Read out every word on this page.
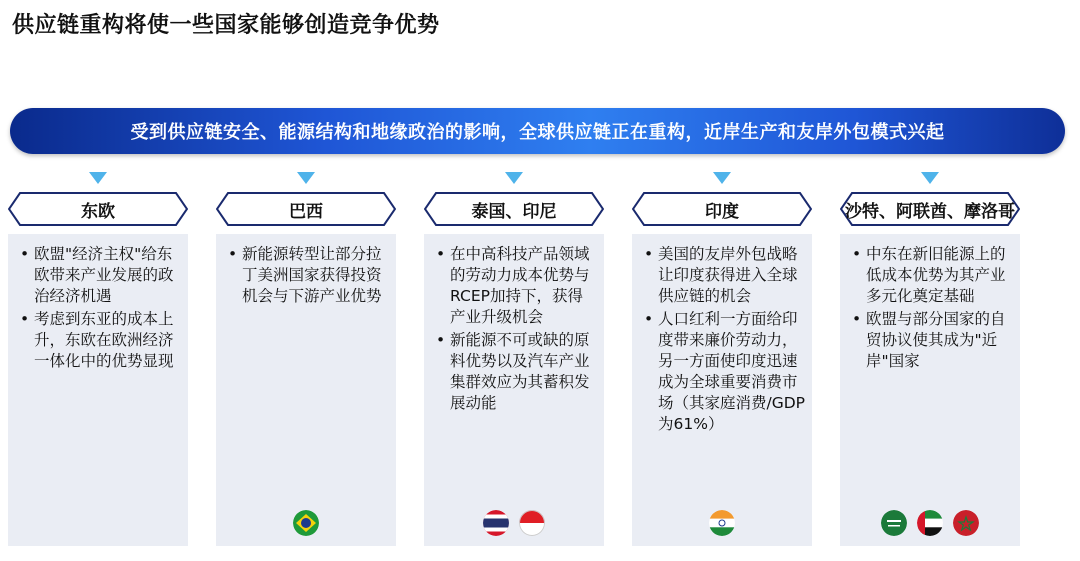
供应链重构将使一些国家能够创造竞争优势
受到供应链安全、能源结构和地缘政治的影响，全球供应链正在重构，近岸生产和友岸外包模式兴起
东欧
• 欧盟"经济主权"给东欧带来产业发展的政治经济机遇
• 考虑到东亚的成本上升，东欧在欧洲经济一体化中的优势显现
巴西
• 新能源转型让部分拉丁美洲国家获得投资机会与下游产业优势
泰国、印尼
• 在中高科技产品领域的劳动力成本优势与RCEP加持下，获得产业升级机会
• 新能源不可或缺的原料优势以及汽车产业集群效应为其蓄积发展动能
印度
• 美国的友岸外包战略让印度获得进入全球供应链的机会
• 人口红利一方面给印度带来廉价劳动力，另一方面使印度迅速成为全球重要消费市场（其家庭消费/GDP为61%）
沙特、阿联酋、摩洛哥
• 中东在新旧能源上的低成本优势为其产业多元化奠定基础
• 欧盟与部分国家的自贸协议使其成为"近岸"国家
